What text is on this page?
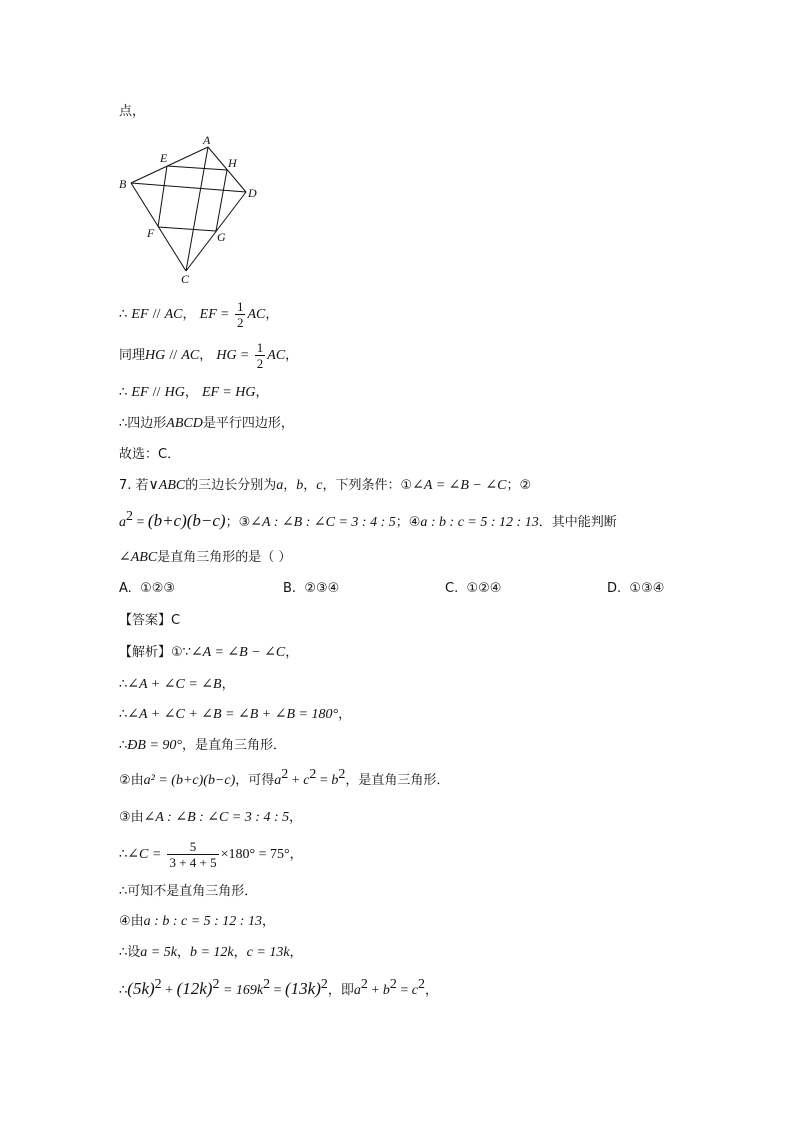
点，
A
E	H
B
D
F	G
C
∴ EF // AC， EF = $\frac{1}{2}$ AC，
同理HG // AC， HG = $\frac{1}{2}$ AC，
∴ EF // HG， EF = HG，
∴四边形ABCD是平行四边形，
故选：C．
7. 若∨ABC的三边长分别为a，b，c，下列条件：①∠A = ∠B − ∠C；②
$a^2 = (b+c)(b-c)$；③∠A : ∠B : ∠C = 3 : 4 : 5；④a : b : c = 5 : 12 : 13．其中能判断
∠ABC是直角三角形的是（ ）
A. ①②③	B. ②③④	C. ①②④	D. ①③④
【答案】C
【解析】①∵∠A = ∠B − ∠C，
∴∠A + ∠C = ∠B，
∴∠A + ∠C + ∠B = ∠B + ∠B = 180°，
∴ÐB = 90°，是直角三角形．
②由a² = (b+c)(b−c)，可得$a^2 + c^2 = b^2$，是直角三角形．
③由∠A : ∠B : ∠C = 3 : 4 : 5，
∴∠C = $\frac{5}{3 + 4 + 5} \times 180^\circ = 75^\circ$，
∴可知不是直角三角形．
④由a : b : c = 5 : 12 : 13，
∴设a = 5k，b = 12k，c = 13k，
$\therefore(5k)^2 + (12k)^2 = 169k^2 = (13k)^2$，即$a^2 + b^2 = c^2$，
